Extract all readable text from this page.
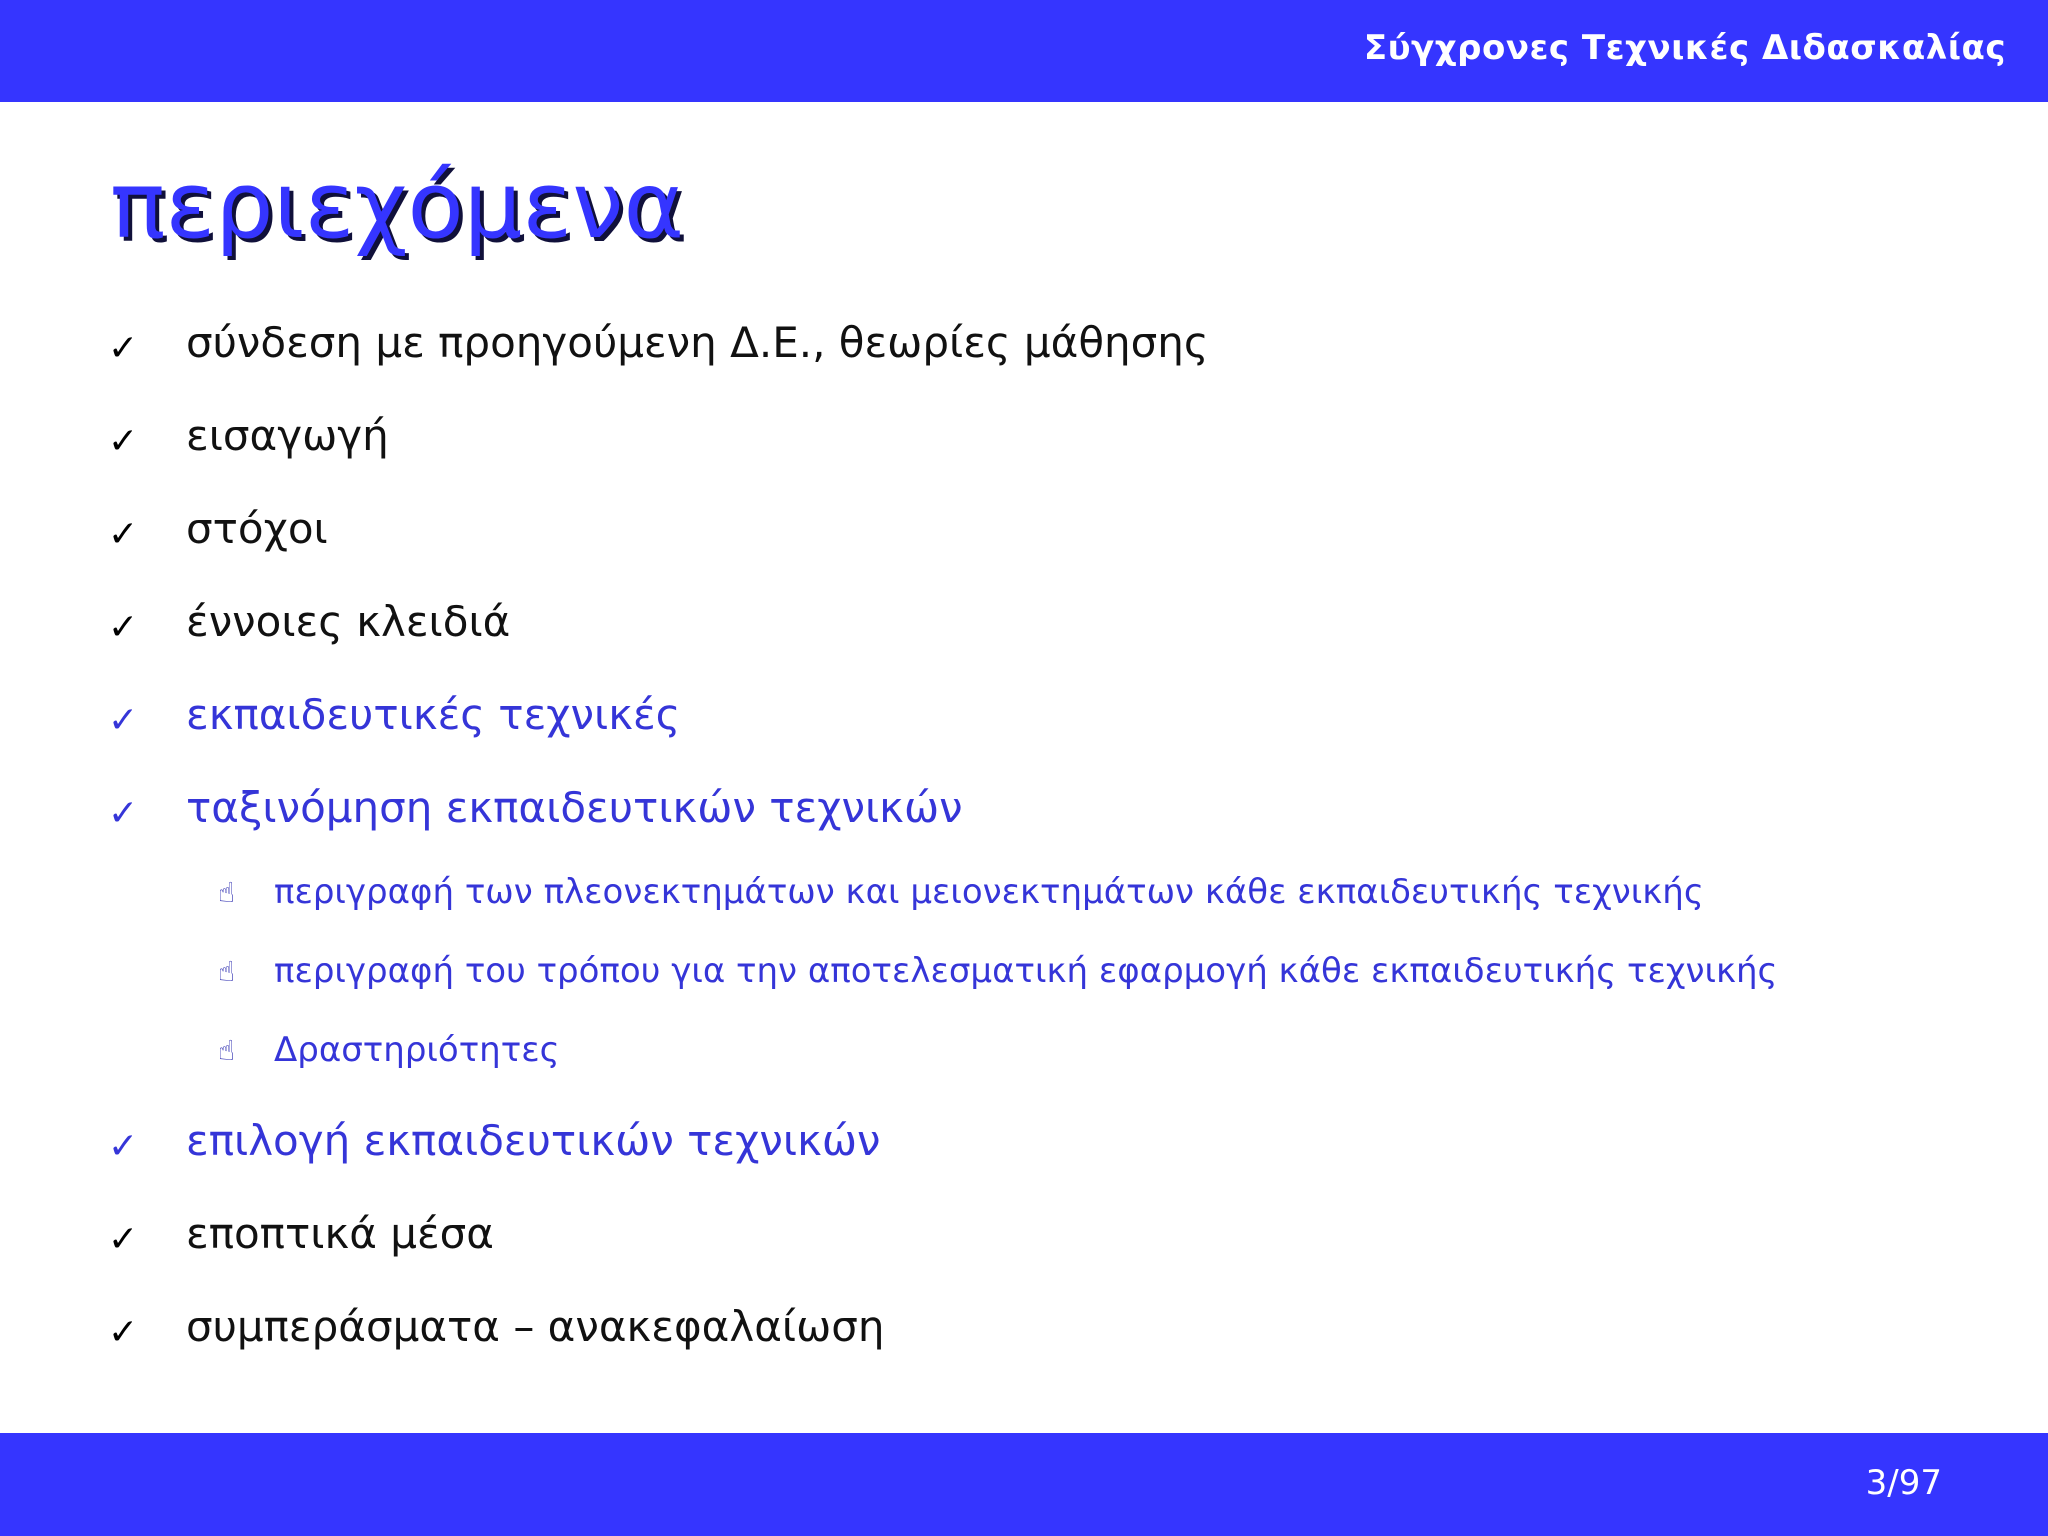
Σύγχρονες Τεχνικές Διδασκαλίας
περιεχόμενα
✓ σύνδεση με προηγούμενη Δ.Ε., θεωρίες μάθησης
✓ εισαγωγή
✓ στόχοι
✓ έννοιες κλειδιά
✓ εκπαιδευτικές τεχνικές
✓ ταξινόμηση εκπαιδευτικών τεχνικών
☝ περιγραφή των πλεονεκτημάτων και μειονεκτημάτων κάθε εκπαιδευτικής τεχνικής
☝ περιγραφή του τρόπου για την αποτελεσματική εφαρμογή κάθε εκπαιδευτικής τεχνικής
☝ Δραστηριότητες
✓ επιλογή εκπαιδευτικών τεχνικών
✓ εποπτικά μέσα
✓ συμπεράσματα – ανακεφαλαίωση
3/97
